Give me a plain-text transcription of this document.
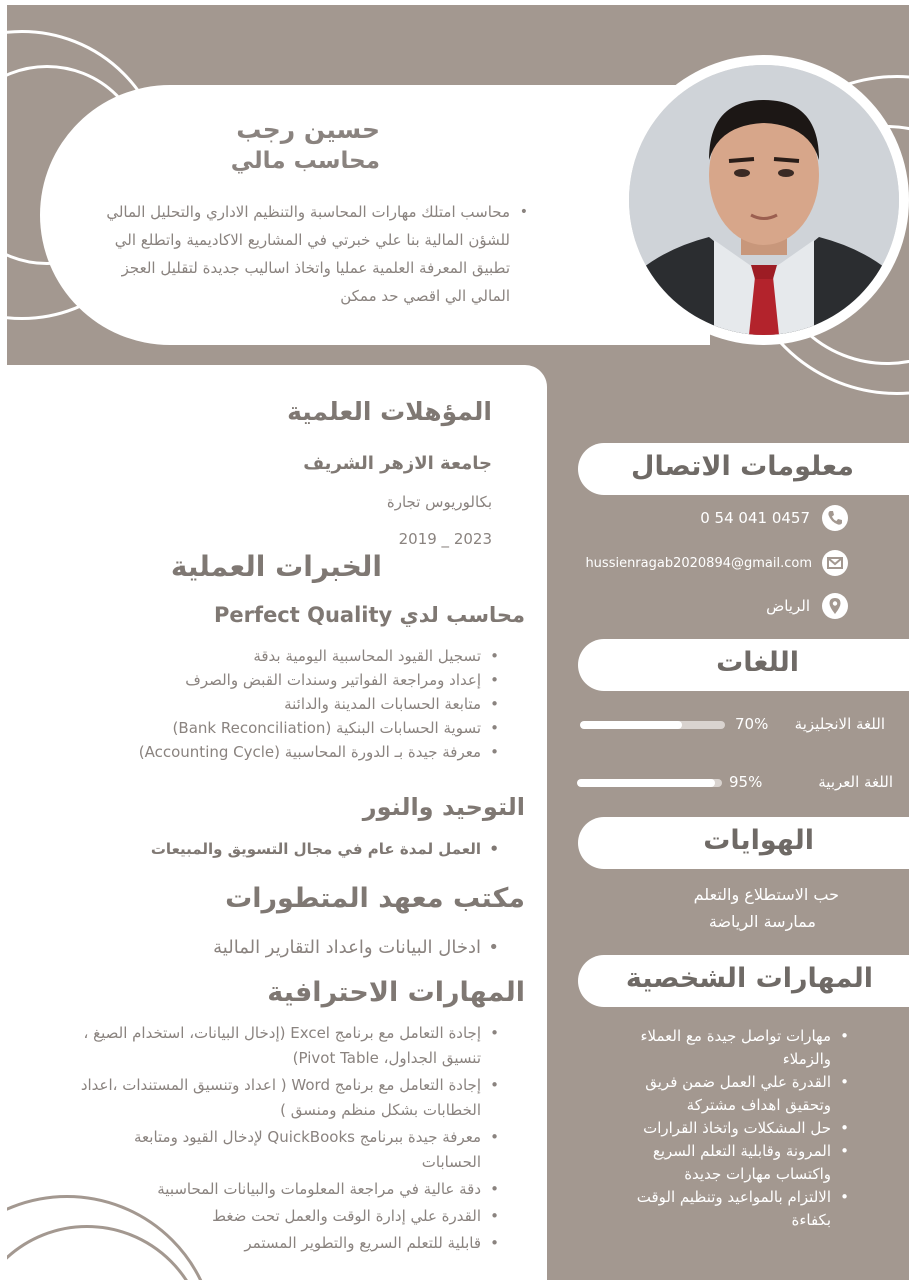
حسين رجب
محاسب مالي
•
محاسب امتلك مهارات المحاسبة والتنظيم الاداري والتحليل المالي للشؤن المالية بنا علي خبرتي في المشاريع الاكاديمية واتطلع الي تطبيق المعرفة العلمية عمليا واتخاذ اساليب جديدة لتقليل العجز المالي الي اقصي حد ممكن
المؤهلات العلمية
جامعة الازهر الشريف
بكالوريوس تجارة
2019 _ 2023
الخبرات العملية
محاسب لدي Perfect Quality
• تسجيل القيود المحاسبية اليومية بدقة
• إعداد ومراجعة الفواتير وسندات القبض والصرف
• متابعة الحسابات المدينة والدائنة
• تسوية الحسابات البنكية (Bank Reconciliation)
• معرفة جيدة بـ الدورة المحاسبية (Accounting Cycle)
التوحيد والنور
• العمل لمدة عام في مجال التسويق والمبيعات
مكتب معهد المتطورات
• ادخال البيانات واعداد التقارير المالية
المهارات الاحترافية
• إجادة التعامل مع برنامج Excel (إدخال البيانات، استخدام الصيغ ، تنسيق الجداول، Pivot Table)
• إجادة التعامل مع برنامج Word ( اعداد وتنسيق المستندات ،اعداد الخطابات بشكل منظم ومنسق )
• معرفة جيدة ببرنامج QuickBooks لإدخال القيود ومتابعة الحسابات
• دقة عالية في مراجعة المعلومات والبيانات المحاسبية
• القدرة علي إدارة الوقت والعمل تحت ضغط
• قابلية للتعلم السريع والتطوير المستمر
معلومات الاتصال
0 54 041 0457
hussienragab2020894@gmail.com
الرياض
اللغات
اللغة الانجليزية
70%
اللغة العربية
95%
الهوايات
حب الاستطلاع والتعلم
ممارسة الرياضة
المهارات الشخصية
• مهارات تواصل جيدة مع العملاء والزملاء
• القدرة علي العمل ضمن فريق وتحقيق اهداف مشتركة
• حل المشكلات واتخاذ القرارات
• المرونة وقابلية التعلم السريع واكتساب مهارات جديدة
• الالتزام بالمواعيد وتنظيم الوقت بكفاءة
